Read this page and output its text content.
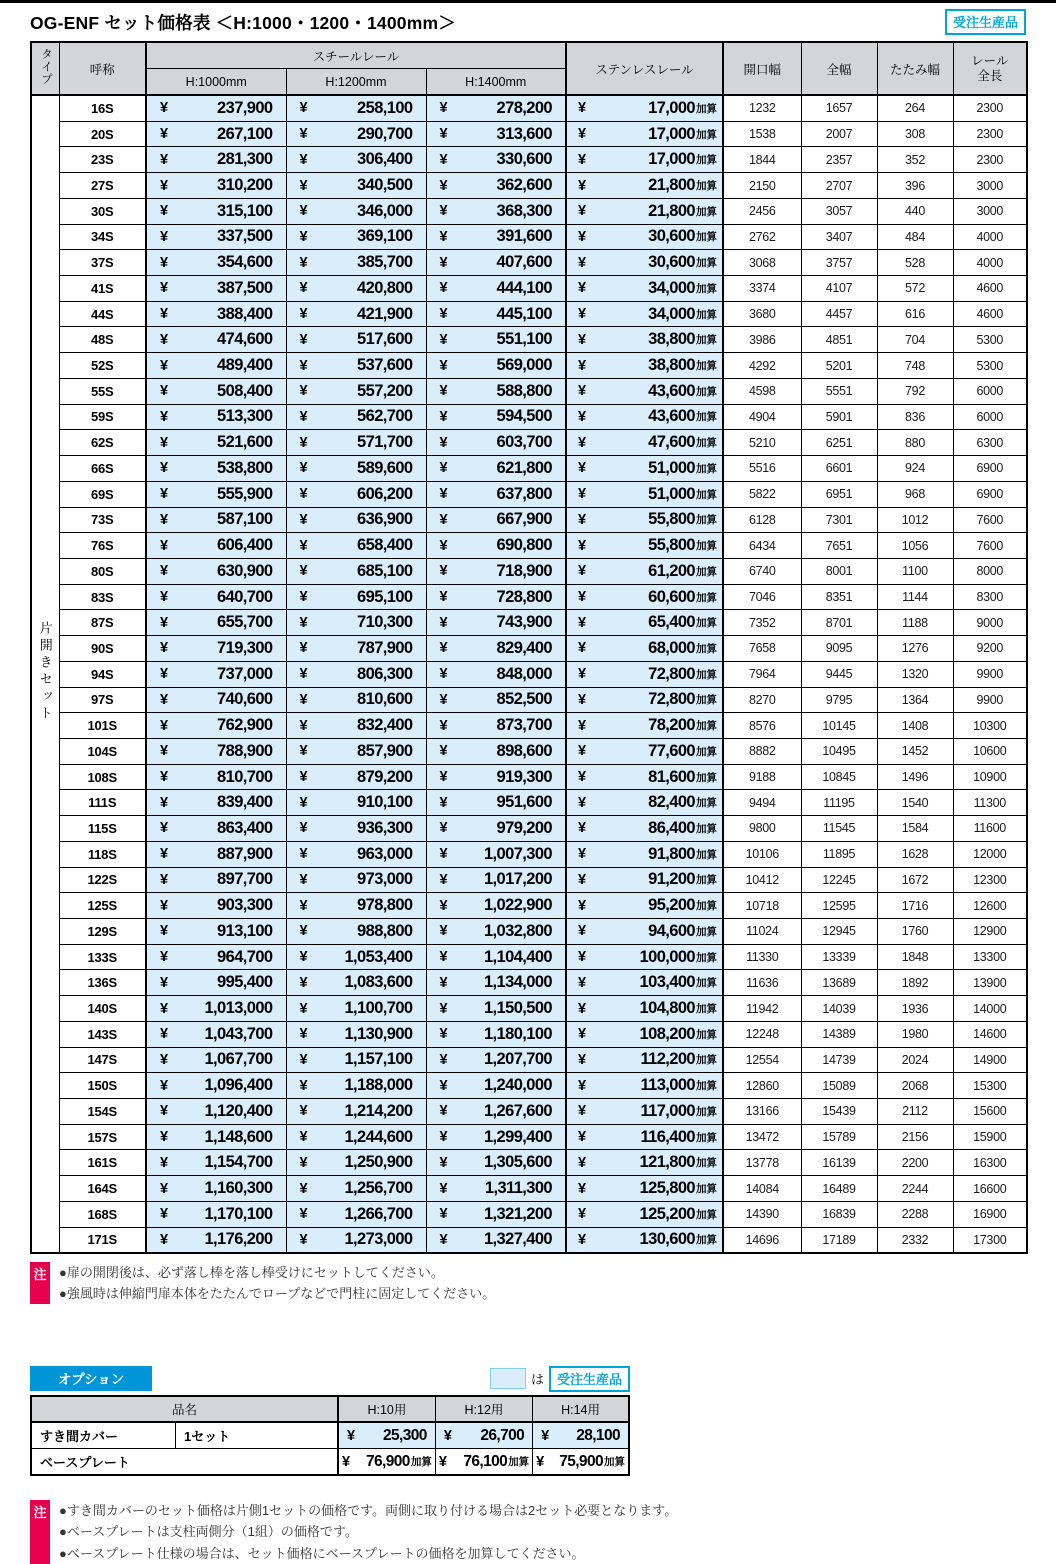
OG-ENF セット価格表 ＜H:1000・1200・1400mm＞	受注生産品
タイプ	呼称	スチールレール			ステンレスレール	開口幅	全幅	たたみ幅	レール
全長

		H:1000mm	H:1200mm	H:1400mm					
片開きセット	16S	¥ 237,900	¥ 258,100	¥ 278,200	¥ 17,000 加算	1232	1657	264	2300
	20S	¥ 267,100	¥ 290,700	¥ 313,600	¥ 17,000 加算	1538	2007	308	2300
	23S	¥ 281,300	¥ 306,400	¥ 330,600	¥ 17,000 加算	1844	2357	352	2300
	27S	¥ 310,200	¥ 340,500	¥ 362,600	¥ 21,800 加算	2150	2707	396	3000
	30S	¥ 315,100	¥ 346,000	¥ 368,300	¥ 21,800 加算	2456	3057	440	3000
	34S	¥ 337,500	¥ 369,100	¥ 391,600	¥ 30,600 加算	2762	3407	484	4000
	37S	¥ 354,600	¥ 385,700	¥ 407,600	¥ 30,600 加算	3068	3757	528	4000
	41S	¥ 387,500	¥ 420,800	¥ 444,100	¥ 34,000 加算	3374	4107	572	4600
	44S	¥ 388,400	¥ 421,900	¥ 445,100	¥ 34,000 加算	3680	4457	616	4600
	48S	¥ 474,600	¥ 517,600	¥ 551,100	¥ 38,800 加算	3986	4851	704	5300
	52S	¥ 489,400	¥ 537,600	¥ 569,000	¥ 38,800 加算	4292	5201	748	5300
	55S	¥ 508,400	¥ 557,200	¥ 588,800	¥ 43,600 加算	4598	5551	792	6000
	59S	¥ 513,300	¥ 562,700	¥ 594,500	¥ 43,600 加算	4904	5901	836	6000
	62S	¥ 521,600	¥ 571,700	¥ 603,700	¥ 47,600 加算	5210	6251	880	6300
	66S	¥ 538,800	¥ 589,600	¥ 621,800	¥ 51,000 加算	5516	6601	924	6900
	69S	¥ 555,900	¥ 606,200	¥ 637,800	¥ 51,000 加算	5822	6951	968	6900
	73S	¥ 587,100	¥ 636,900	¥ 667,900	¥ 55,800 加算	6128	7301	1012	7600
	76S	¥ 606,400	¥ 658,400	¥ 690,800	¥ 55,800 加算	6434	7651	1056	7600
	80S	¥ 630,900	¥ 685,100	¥ 718,900	¥ 61,200 加算	6740	8001	1100	8000
	83S	¥ 640,700	¥ 695,100	¥ 728,800	¥ 60,600 加算	7046	8351	1144	8300
	87S	¥ 655,700	¥ 710,300	¥ 743,900	¥ 65,400 加算	7352	8701	1188	9000
	90S	¥ 719,300	¥ 787,900	¥ 829,400	¥ 68,000 加算	7658	9095	1276	9200
	94S	¥ 737,000	¥ 806,300	¥ 848,000	¥ 72,800 加算	7964	9445	1320	9900
	97S	¥ 740,600	¥ 810,600	¥ 852,500	¥ 72,800 加算	8270	9795	1364	9900
	101S	¥ 762,900	¥ 832,400	¥ 873,700	¥ 78,200 加算	8576	10145	1408	10300
	104S	¥ 788,900	¥ 857,900	¥ 898,600	¥ 77,600 加算	8882	10495	1452	10600
	108S	¥ 810,700	¥ 879,200	¥ 919,300	¥ 81,600 加算	9188	10845	1496	10900
	111S	¥ 839,400	¥ 910,100	¥ 951,600	¥ 82,400 加算	9494	11195	1540	11300
	115S	¥ 863,400	¥ 936,300	¥ 979,200	¥ 86,400 加算	9800	11545	1584	11600
	118S	¥ 887,900	¥ 963,000	¥ 1,007,300	¥ 91,800 加算	10106	11895	1628	12000
	122S	¥ 897,700	¥ 973,000	¥ 1,017,200	¥ 91,200 加算	10412	12245	1672	12300
	125S	¥ 903,300	¥ 978,800	¥ 1,022,900	¥ 95,200 加算	10718	12595	1716	12600
	129S	¥ 913,100	¥ 988,800	¥ 1,032,800	¥ 94,600 加算	11024	12945	1760	12900
	133S	¥ 964,700	¥ 1,053,400	¥ 1,104,400	¥ 100,000 加算	11330	13339	1848	13300
	136S	¥ 995,400	¥ 1,083,600	¥ 1,134,000	¥ 103,400 加算	11636	13689	1892	13900
	140S	¥ 1,013,000	¥ 1,100,700	¥ 1,150,500	¥ 104,800 加算	11942	14039	1936	14000
	143S	¥ 1,043,700	¥ 1,130,900	¥ 1,180,100	¥ 108,200 加算	12248	14389	1980	14600
	147S	¥ 1,067,700	¥ 1,157,100	¥ 1,207,700	¥ 112,200 加算	12554	14739	2024	14900
	150S	¥ 1,096,400	¥ 1,188,000	¥ 1,240,000	¥ 113,000 加算	12860	15089	2068	15300
	154S	¥ 1,120,400	¥ 1,214,200	¥ 1,267,600	¥ 117,000 加算	13166	15439	2112	15600
	157S	¥ 1,148,600	¥ 1,244,600	¥ 1,299,400	¥ 116,400 加算	13472	15789	2156	15900
	161S	¥ 1,154,700	¥ 1,250,900	¥ 1,305,600	¥ 121,800 加算	13778	16139	2200	16300
	164S	¥ 1,160,300	¥ 1,256,700	¥ 1,311,300	¥ 125,800 加算	14084	16489	2244	16600
	168S	¥ 1,170,100	¥ 1,266,700	¥ 1,321,200	¥ 125,200 加算	14390	16839	2288	16900
	171S	¥ 1,176,200	¥ 1,273,000	¥ 1,327,400	¥ 130,600 加算	14696	17189	2332	17300
注 ●扉の開閉後は、必ず落し棒を落し棒受けにセットしてください。
●強風時は伸縮門扉本体をたたんでロープなどで門柱に固定してください。
オプション	は	受注生産品
品名		H:10用	H:12用	H:14用
すき間カバー	1セット	¥ 25,300	¥ 26,700	¥ 28,100

ベースプレート		¥ 76,900 加算	¥ 76,100 加算	¥ 75,900 加算
注 ●すき間カバーのセット価格は片側1セットの価格です。両側に取り付ける場合は2セット必要となります。
●ベースプレートは支柱両側分（1組）の価格です。
●ベースプレート仕様の場合は、セット価格にベースプレートの価格を加算してください。
